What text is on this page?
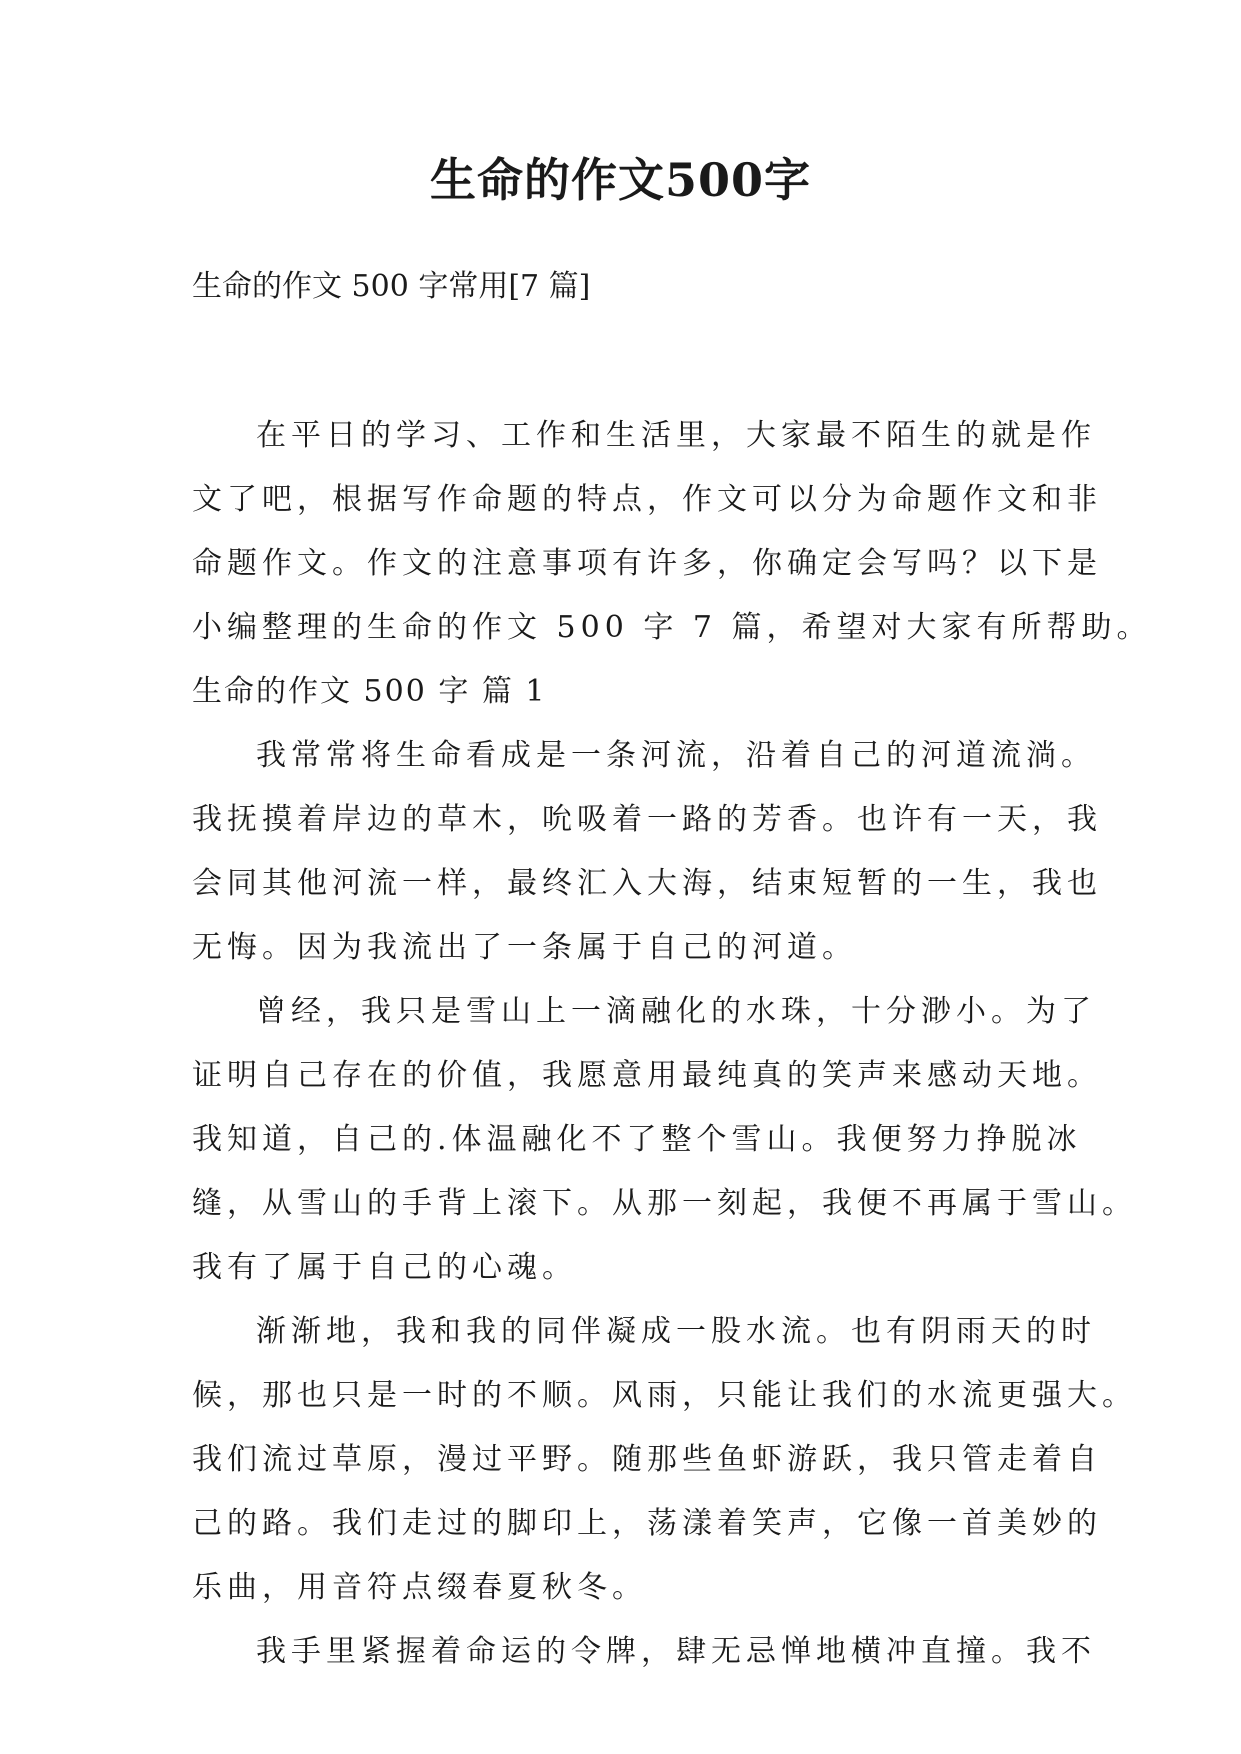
生命的作文500字

生命的作文 500 字常用[7 篇]

在平日的学习、工作和生活里，大家最不陌生的就是作
文了吧，根据写作命题的特点，作文可以分为命题作文和非
命题作文。作文的注意事项有许多，你确定会写吗？以下是
小编整理的生命的作文 500 字 7 篇，希望对大家有所帮助。
生命的作文 500 字 篇 1
我常常将生命看成是一条河流，沿着自己的河道流淌。
我抚摸着岸边的草木，吮吸着一路的芳香。也许有一天，我
会同其他河流一样，最终汇入大海，结束短暂的一生，我也
无悔。因为我流出了一条属于自己的河道。
曾经，我只是雪山上一滴融化的水珠，十分渺小。为了
证明自己存在的价值，我愿意用最纯真的笑声来感动天地。
我知道，自己的.体温融化不了整个雪山。我便努力挣脱冰
缝，从雪山的手背上滚下。从那一刻起，我便不再属于雪山。
我有了属于自己的心魂。
渐渐地，我和我的同伴凝成一股水流。也有阴雨天的时
候，那也只是一时的不顺。风雨，只能让我们的水流更强大。
我们流过草原，漫过平野。随那些鱼虾游跃，我只管走着自
己的路。我们走过的脚印上，荡漾着笑声，它像一首美妙的
乐曲，用音符点缀春夏秋冬。
我手里紧握着命运的令牌，肆无忌惮地横冲直撞。我不
